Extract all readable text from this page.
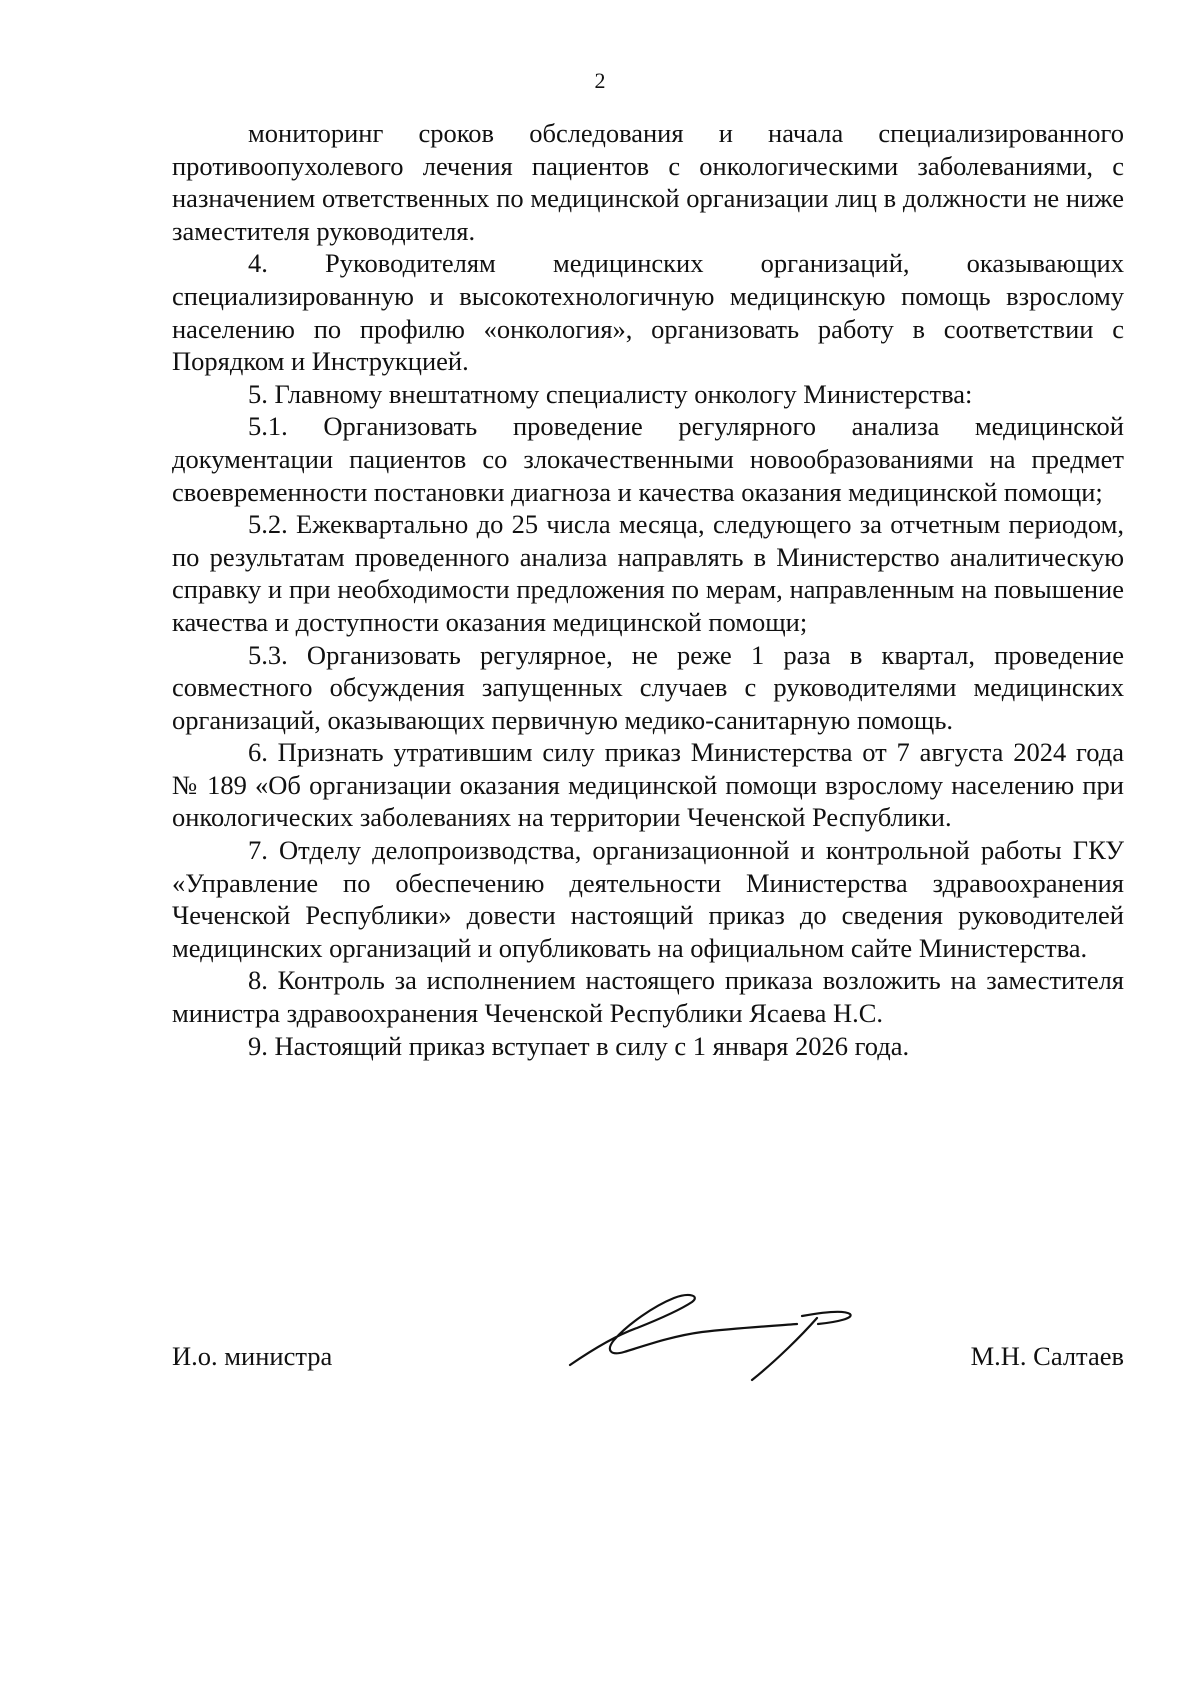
2

мониторинг сроков обследования и начала специализированного противоопухолевого лечения пациентов с онкологическими заболеваниями, с назначением ответственных по медицинской организации лиц в должности не ниже заместителя руководителя.

4. Руководителям медицинских организаций, оказывающих специализированную и высокотехнологичную медицинскую помощь взрослому населению по профилю «онкология», организовать работу в соответствии с Порядком и Инструкцией.

5. Главному внештатному специалисту онкологу Министерства:

5.1. Организовать проведение регулярного анализа медицинской документации пациентов со злокачественными новообразованиями на предмет своевременности постановки диагноза и качества оказания медицинской помощи;

5.2. Ежеквартально до 25 числа месяца, следующего за отчетным периодом, по результатам проведенного анализа направлять в Министерство аналитическую справку и при необходимости предложения по мерам, направленным на повышение качества и доступности оказания медицинской помощи;

5.3. Организовать регулярное, не реже 1 раза в квартал, проведение совместного обсуждения запущенных случаев с руководителями медицинских организаций, оказывающих первичную медико-санитарную помощь.

6. Признать утратившим силу приказ Министерства от 7 августа 2024 года № 189 «Об организации оказания медицинской помощи взрослому населению при онкологических заболеваниях на территории Чеченской Республики.

7. Отделу делопроизводства, организационной и контрольной работы ГКУ «Управление по обеспечению деятельности Министерства здравоохранения Чеченской Республики» довести настоящий приказ до сведения руководителей медицинских организаций и опубликовать на официальном сайте Министерства.

8. Контроль за исполнением настоящего приказа возложить на заместителя министра здравоохранения Чеченской Республики Ясаева Н.С.

9. Настоящий приказ вступает в силу с 1 января 2026 года.

И.о. министра	М.Н. Салтаев
